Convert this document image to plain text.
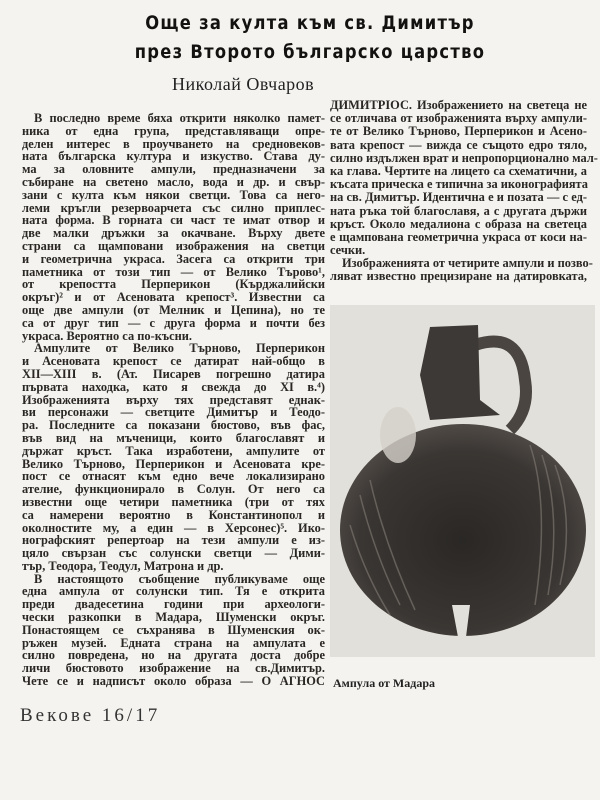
Още за култа към св. Димитър
през Второто българско царство
Николай Овчаров
В последно време бяха открити няколко памет-
ника от една група, представляващи опре-
делен интерес в проучването на средновеков-
ната българска култура и изкуство. Става ду-
ма за оловните ампули, предназначени за
събиране на светено масло, вода и др. и свър-
зани с култа към някои светци. Това са него-
леми кръгли резервоарчета със силно приплес-
ната форма. В горната си част те имат отвор и
две малки дръжки за окачване. Върху двете
страни са щамповани изображения на светци
и геометрична украса. Засега са открити три
паметника от този тип — от Велико Търово¹,
от крепостта Перперикон (Кърджалийски
окръг)² и от Асеновата крепост³. Известни са
още две ампули (от Мелник и Цепина), но те
са от друг тип — с друга форма и почти без
украса. Вероятно са по-късни.
Ампулите от Велико Търново, Перперикон
и Асеновата крепост се датират най-общо в
XII—XIII в. (Ат. Писарев погрешно датира
първата находка, като я свежда до XI в.⁴)
Изображенията върху тях представят еднак-
ви персонажи — светците Димитър и Теодо-
ра. Последните са показани бюстово, във фас,
във вид на мъченици, които благославят и
държат кръст. Така изработени, ампулите от
Велико Търново, Перперикон и Асеновата кре-
пост се отнасят към едно вече локализирано
ателие, функционирало в Солун. От него са
известни още четири паметника (три от тях
са намерени вероятно в Константинопол и
околностите му, а един — в Херсонес)⁵. Ико-
нографският репертоар на тези ампули е из-
цяло свързан със солунски светци — Дими-
тър, Теодора, Теодул, Матрона и др.
В настоящото съобщение публикуваме още
една ампула от солунски тип. Тя е открита
преди двадесетина години при археологи-
чески разкопки в Мадара, Шуменски окръг.
Понастоящем се съхранява в Шуменския ок-
ръжен музей. Едната страна на ампулата е
силно повредена, но на другата доста добре
личи бюстовото изображение на св.Димитър.
Чете се и надписът около образа — О АГНОС
ДИМИТРІОС. Изображението на светеца не
се отличава от изображенията върху ампули-
те от Велико Търново, Перперикон и Асено-
вата крепост — вижда се същото едро тяло,
силно издължен врат и непропорционално мал-
ка глава. Чертите на лицето са схематични, а
късата прическа е типична за иконографията
на св. Димитър. Идентична е и позата — с ед-
ната ръка той благославя, а с другата държи
кръст. Около медалиона с образа на светеца
е щампована геометрична украса от коси на-
сечки.
Изображенията от четирите ампули и позво-
ляват известно прецизиране на датировката,
Ампула от Мадара
Векове 16/17
